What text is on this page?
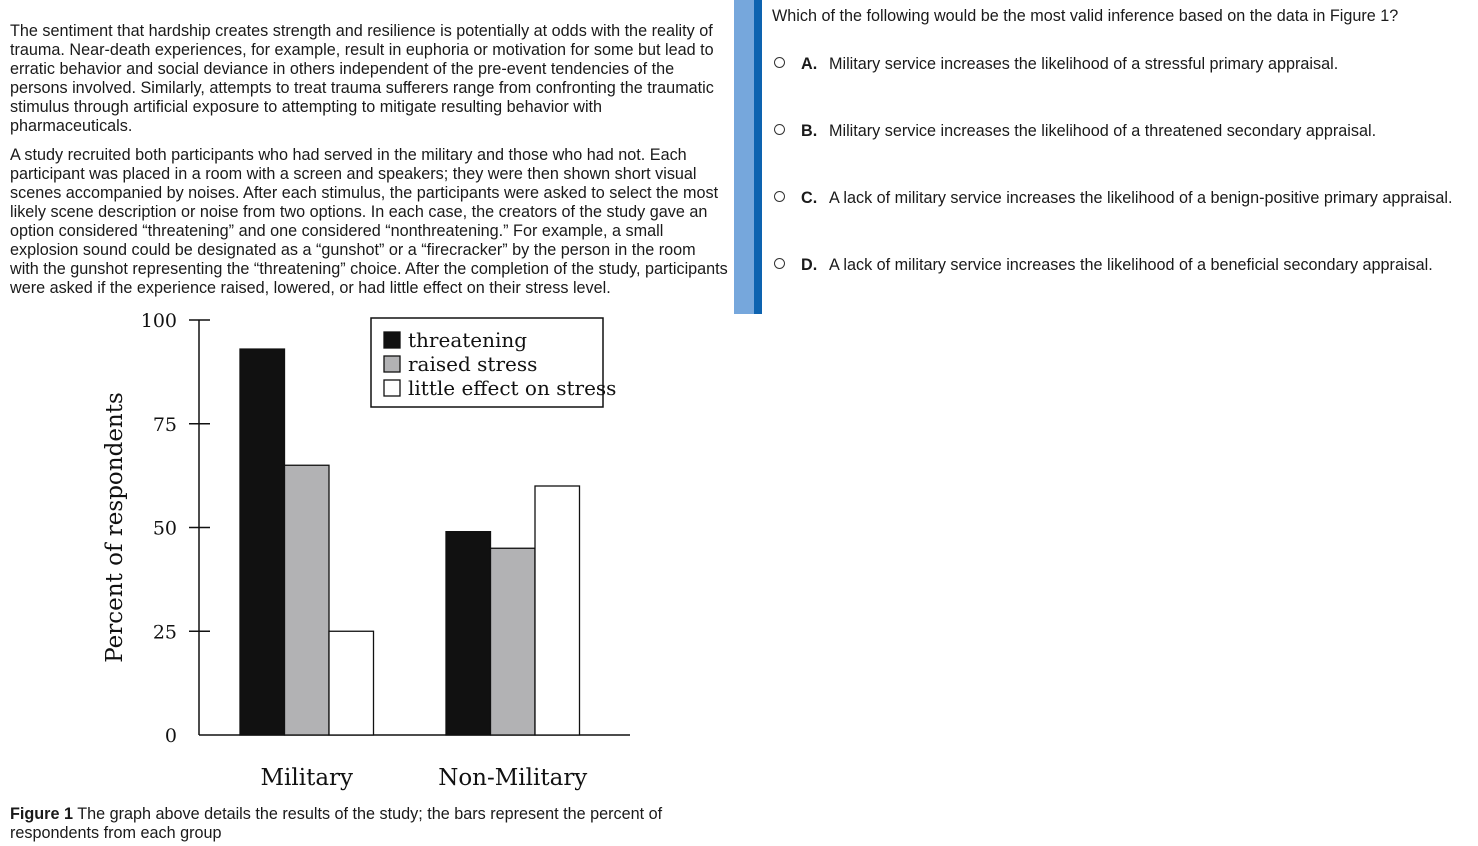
The sentiment that hardship creates strength and resilience is potentially at odds with the reality of trauma. Near-death experiences, for example, result in euphoria or motivation for some but lead to erratic behavior and social deviance in others independent of the pre-event tendencies of the persons involved. Similarly, attempts to treat trauma sufferers range from confronting the traumatic stimulus through artificial exposure to attempting to mitigate resulting behavior with pharmaceuticals.

A study recruited both participants who had served in the military and those who had not. Each participant was placed in a room with a screen and speakers; they were then shown short visual scenes accompanied by noises. After each stimulus, the participants were asked to select the most likely scene description or noise from two options. In each case, the creators of the study gave an option considered “threatening” and one considered “nonthreatening.” For example, a small explosion sound could be designated as a “gunshot” or a “firecracker” by the person in the room with the gunshot representing the “threatening” choice. After the completion of the study, participants were asked if the experience raised, lowered, or had little effect on their stress level.

0
25
50
75
100
Percent of respondents
Military	Non-Military
threatening
raised stress
little effect on stress
Figure 1 The graph above details the results of the study; the bars represent the percent of respondents from each group

Which of the following would be the most valid inference based on the data in Figure 1?

A. Military service increases the likelihood of a stressful primary appraisal.
B. Military service increases the likelihood of a threatened secondary appraisal.
C. A lack of military service increases the likelihood of a benign-positive primary appraisal.
D. A lack of military service increases the likelihood of a beneficial secondary appraisal.
